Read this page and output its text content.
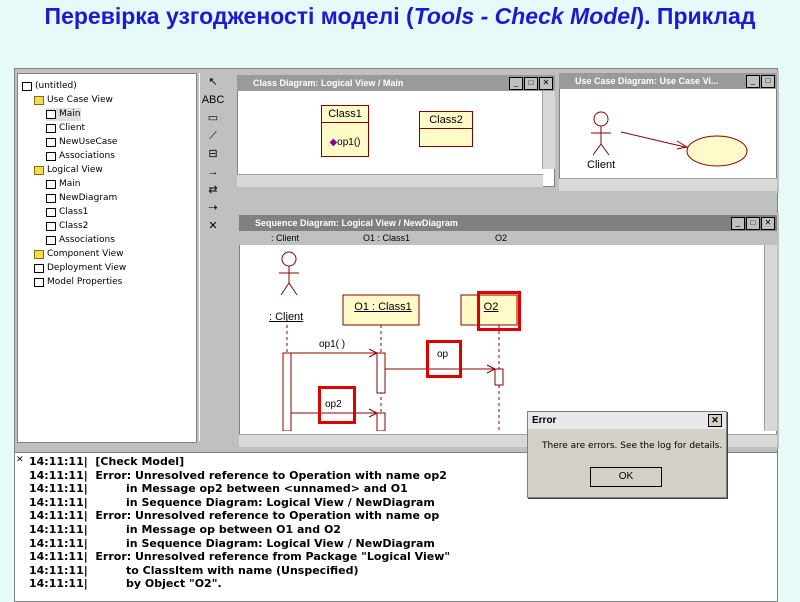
Перевірка узгодженості моделі (Tools - Check Model). Приклад
(untitled)
Use Case View
Main
Client
NewUseCase
Associations
Logical View
Main
NewDiagram
Class1
Class2
Associations
Component View
Deployment View
Model Properties
↖
ABC
▭
⟋
⊟
→
⇄
⇢
✕
Class Diagram: Logical View / Main	_	□	✕
Class1
◆op1()
Class2
Use Case Diagram: Use Case Vi...	_	□
Client
Sequence Diagram: Logical View / NewDiagram	_	□	✕
: Client	O1 : Class1	O2
: Client
O1 : Class1	O2
op1( )
op
op2
✕ 14:11:11|  [Check Model]
14:11:11|  Error: Unresolved reference to Operation with name op2
14:11:11|          in Message op2 between <unnamed> and O1
14:11:11|          in Sequence Diagram: Logical View / NewDiagram
14:11:11|  Error: Unresolved reference to Operation with name op
14:11:11|          in Message op between O1 and O2
14:11:11|          in Sequence Diagram: Logical View / NewDiagram
14:11:11|  Error: Unresolved reference from Package "Logical View"
14:11:11|          to ClassItem with name (Unspecified)
14:11:11|          by Object "O2".
Error	✕
There are errors. See the log for details.
OK
